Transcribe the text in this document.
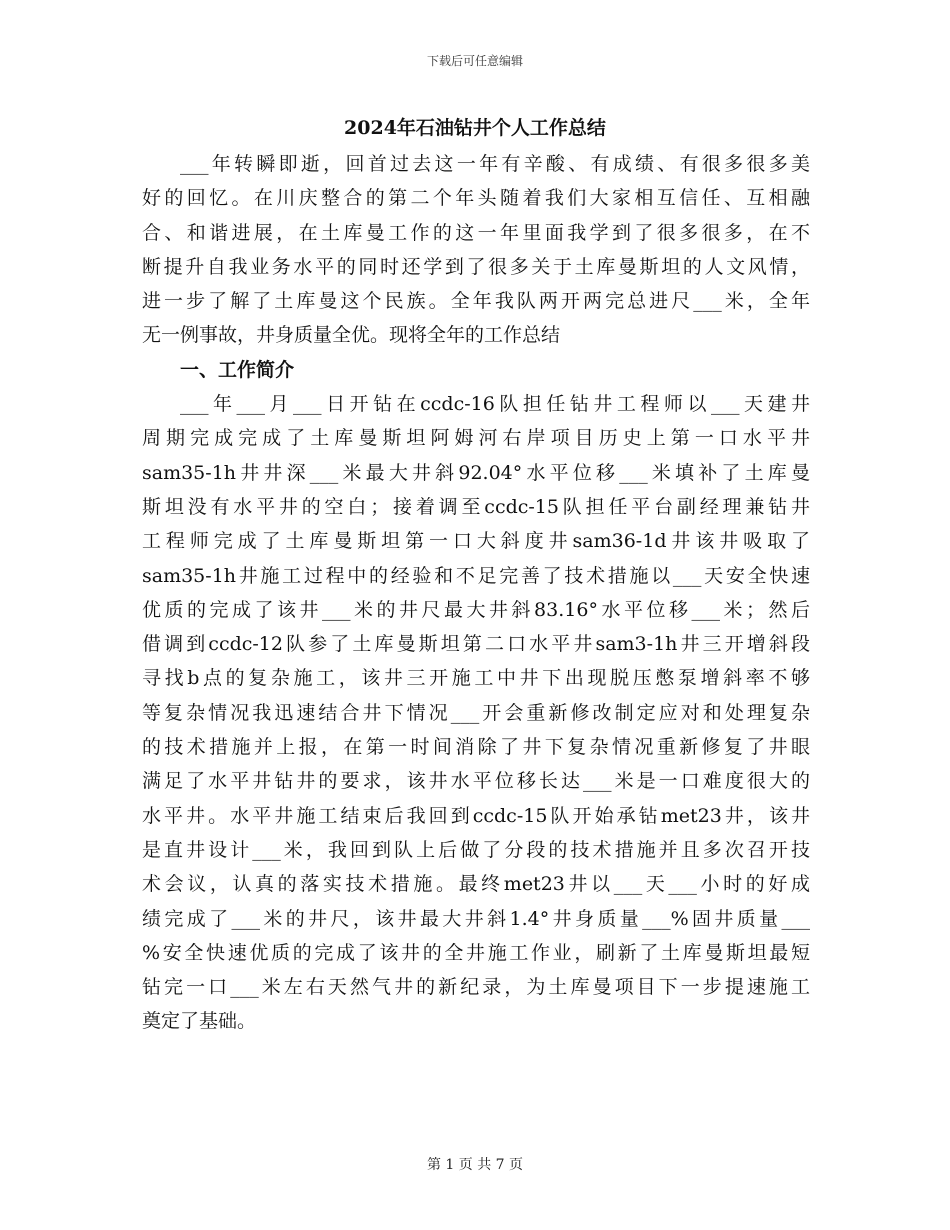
下载后可任意编辑
2024年石油钻井个人工作总结
___年转瞬即逝，回首过去这一年有辛酸、有成绩、有很多很多美
好的回忆。在川庆整合的第二个年头随着我们大家相互信任、互相融
合、和谐进展，在土库曼工作的这一年里面我学到了很多很多，在不
断提升自我业务水平的同时还学到了很多关于土库曼斯坦的人文风情，
进一步了解了土库曼这个民族。全年我队两开两完总进尺___米，全年
无一例事故，井身质量全优。现将全年的工作总结
一、工作简介
___年___月___日开钻在ccdc-16队担任钻井工程师以___天建井
周期完成完成了土库曼斯坦阿姆河右岸项目历史上第一口水平井
sam35-1h井井深___米最大井斜92.04°水平位移___米填补了土库曼
斯坦没有水平井的空白；接着调至ccdc-15队担任平台副经理兼钻井
工程师完成了土库曼斯坦第一口大斜度井sam36-1d井该井吸取了
sam35-1h井施工过程中的经验和不足完善了技术措施以___天安全快速
优质的完成了该井___米的井尺最大井斜83.16°水平位移___米；然后
借调到ccdc-12队参了土库曼斯坦第二口水平井sam3-1h井三开增斜段
寻找b点的复杂施工，该井三开施工中井下出现脱压憋泵增斜率不够
等复杂情况我迅速结合井下情况___开会重新修改制定应对和处理复杂
的技术措施并上报，在第一时间消除了井下复杂情况重新修复了井眼
满足了水平井钻井的要求，该井水平位移长达___米是一口难度很大的
水平井。水平井施工结束后我回到ccdc-15队开始承钻met23井，该井
是直井设计___米，我回到队上后做了分段的技术措施并且多次召开技
术会议，认真的落实技术措施。最终met23井以___天___小时的好成
绩完成了___米的井尺，该井最大井斜1.4°井身质量___%固井质量___
%安全快速优质的完成了该井的全井施工作业，刷新了土库曼斯坦最短
钻完一口___米左右天然气井的新纪录，为土库曼项目下一步提速施工
奠定了基础。
第 1 页 共 7 页
